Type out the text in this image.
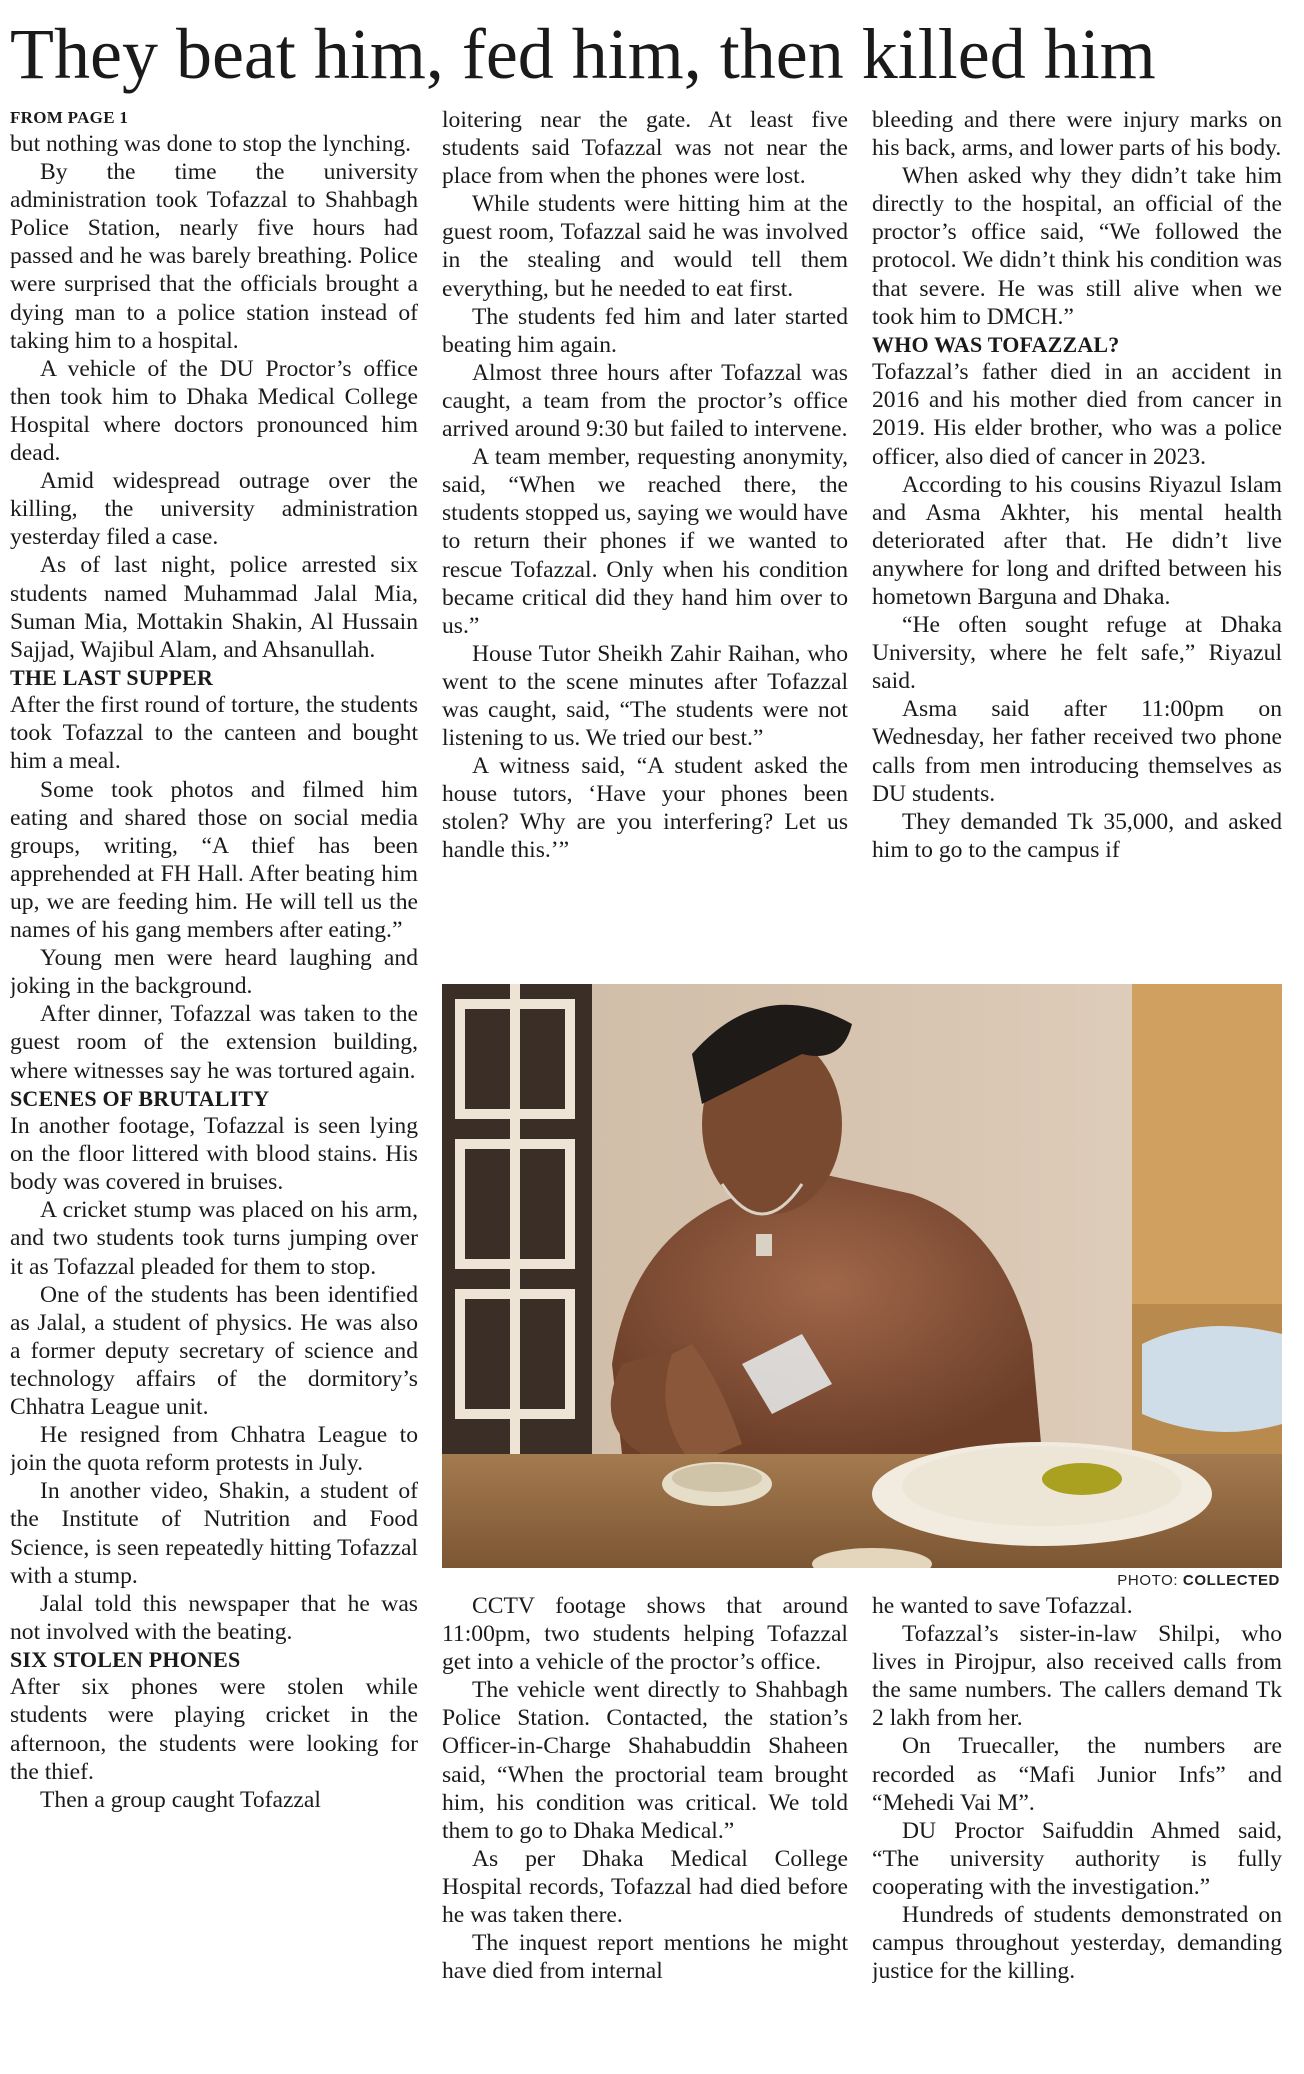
They beat him, fed him, then killed him
FROM PAGE 1

but nothing was done to stop the lynching.

By the time the university administration took Tofazzal to Shahbagh Police Station, nearly five hours had passed and he was barely breathing. Police were surprised that the officials brought a dying man to a police station instead of taking him to a hospital.

A vehicle of the DU Proctor’s office then took him to Dhaka Medical College Hospital where doctors pronounced him dead.

Amid widespread outrage over the killing, the university administration yesterday filed a case.

As of last night, police arrested six students named Muhammad Jalal Mia, Suman Mia, Mottakin Shakin, Al Hussain Sajjad, Wajibul Alam, and Ahsanullah.

THE LAST SUPPER

After the first round of torture, the students took Tofazzal to the canteen and bought him a meal.

Some took photos and filmed him eating and shared those on social media groups, writing, “A thief has been apprehended at FH Hall. After beating him up, we are feeding him. He will tell us the names of his gang members after eating.”

Young men were heard laughing and joking in the background.

After dinner, Tofazzal was taken to the guest room of the extension building, where witnesses say he was tortured again.

SCENES OF BRUTALITY

In another footage, Tofazzal is seen lying on the floor littered with blood stains. His body was covered in bruises.

A cricket stump was placed on his arm, and two students took turns jumping over it as Tofazzal pleaded for them to stop.

One of the students has been identified as Jalal, a student of physics. He was also a former deputy secretary of science and technology affairs of the dormitory’s Chhatra League unit.

He resigned from Chhatra League to join the quota reform protests in July.

In another video, Shakin, a student of the Institute of Nutrition and Food Science, is seen repeatedly hitting Tofazzal with a stump.

Jalal told this newspaper that he was not involved with the beating.

SIX STOLEN PHONES

After six phones were stolen while students were playing cricket in the afternoon, the students were looking for the thief.

Then a group caught Tofazzal

loitering near the gate. At least five students said Tofazzal was not near the place from when the phones were lost.

While students were hitting him at the guest room, Tofazzal said he was involved in the stealing and would tell them everything, but he needed to eat first.

The students fed him and later started beating him again.

Almost three hours after Tofazzal was caught, a team from the proctor’s office arrived around 9:30 but failed to intervene.

A team member, requesting anonymity, said, “When we reached there, the students stopped us, saying we would have to return their phones if we wanted to rescue Tofazzal. Only when his condition became critical did they hand him over to us.”

House Tutor Sheikh Zahir Raihan, who went to the scene minutes after Tofazzal was caught, said, “The students were not listening to us. We tried our best.”

A witness said, “A student asked the house tutors, ‘Have your phones been stolen? Why are you interfering? Let us handle this.’”

bleeding and there were injury marks on his back, arms, and lower parts of his body.

When asked why they didn’t take him directly to the hospital, an official of the proctor’s office said, “We followed the protocol. We didn’t think his condition was that severe. He was still alive when we took him to DMCH.”

WHO WAS TOFAZZAL?

Tofazzal’s father died in an accident in 2016 and his mother died from cancer in 2019. His elder brother, who was a police officer, also died of cancer in 2023.

According to his cousins Riyazul Islam and Asma Akhter, his mental health deteriorated after that. He didn’t live anywhere for long and drifted between his hometown Barguna and Dhaka.

“He often sought refuge at Dhaka University, where he felt safe,” Riyazul said.

Asma said after 11:00pm on Wednesday, her father received two phone calls from men introducing themselves as DU students.

They demanded Tk 35,000, and asked him to go to the campus if

PHOTO: COLLECTED

CCTV footage shows that around 11:00pm, two students helping Tofazzal get into a vehicle of the proctor’s office.

The vehicle went directly to Shahbagh Police Station. Contacted, the station’s Officer-in-Charge Shahabuddin Shaheen said, “When the proctorial team brought him, his condition was critical. We told them to go to Dhaka Medical.”

As per Dhaka Medical College Hospital records, Tofazzal had died before he was taken there.

The inquest report mentions he might have died from internal

he wanted to save Tofazzal.

Tofazzal’s sister-in-law Shilpi, who lives in Pirojpur, also received calls from the same numbers. The callers demand Tk 2 lakh from her.

On Truecaller, the numbers are recorded as “Mafi Junior Infs” and “Mehedi Vai M”.

DU Proctor Saifuddin Ahmed said, “The university authority is fully cooperating with the investigation.”

Hundreds of students demonstrated on campus throughout yesterday, demanding justice for the killing.
